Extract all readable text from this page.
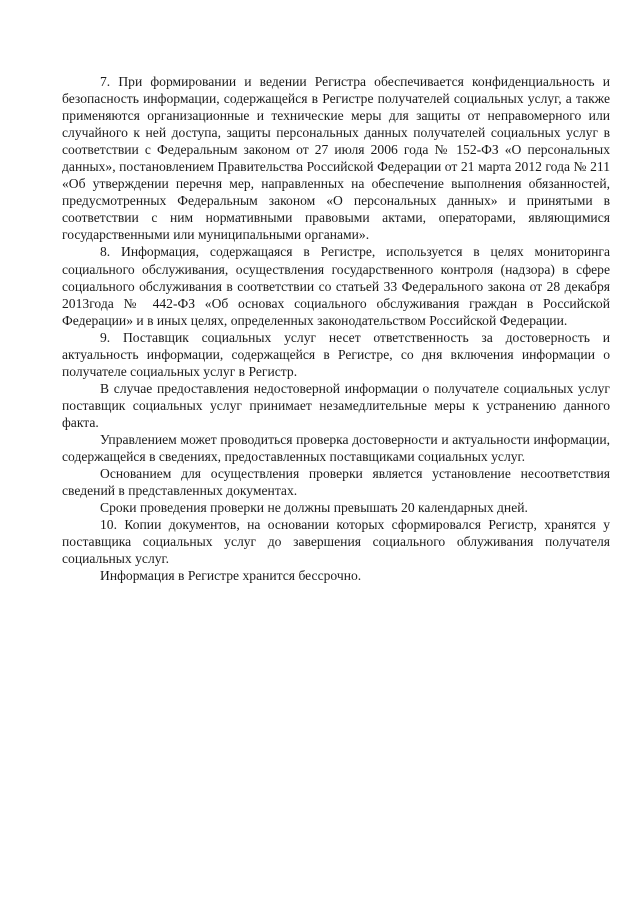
7. При формировании и ведении Регистра обеспечивается конфиденциальность и безопасность информации, содержащейся в Регистре получателей социальных услуг, а также применяются организационные и технические меры для защиты от неправомерного или случайного к ней доступа, защиты персональных данных получателей социальных услуг в соответствии с Федеральным законом от 27 июля 2006 года № 152-ФЗ «О персональных данных», постановлением Правительства Российской Федерации от 21 марта 2012 года № 211 «Об утверждении перечня мер, направленных на обеспечение выполнения обязанностей, предусмотренных Федеральным законом «О персональных данных» и принятыми в соответствии с ним нормативными правовыми актами, операторами, являющимися государственными или муниципальными органами».

8. Информация, содержащаяся в Регистре, используется в целях мониторинга социального обслуживания, осуществления государственного контроля (надзора) в сфере социального обслуживания в соответствии со статьей 33 Федерального закона от 28 декабря 2013года № 442-ФЗ «Об основах социального обслуживания граждан в Российской Федерации» и в иных целях, определенных законодательством Российской Федерации.

9. Поставщик социальных услуг несет ответственность за достоверность и актуальность информации, содержащейся в Регистре, со дня включения информации о получателе социальных услуг в Регистр.

В случае предоставления недостоверной информации о получателе социальных услуг поставщик социальных услуг принимает незамедлительные меры к устранению данного факта.

Управлением может проводиться проверка достоверности и актуальности информации, содержащейся в сведениях, предоставленных поставщиками социальных услуг.

Основанием для осуществления проверки является установление несоответствия сведений в представленных документах.

Сроки проведения проверки не должны превышать 20 календарных дней.

10. Копии документов, на основании которых сформировался Регистр, хранятся у поставщика социальных услуг до завершения социального облуживания получателя социальных услуг.

Информация в Регистре хранится бессрочно.
